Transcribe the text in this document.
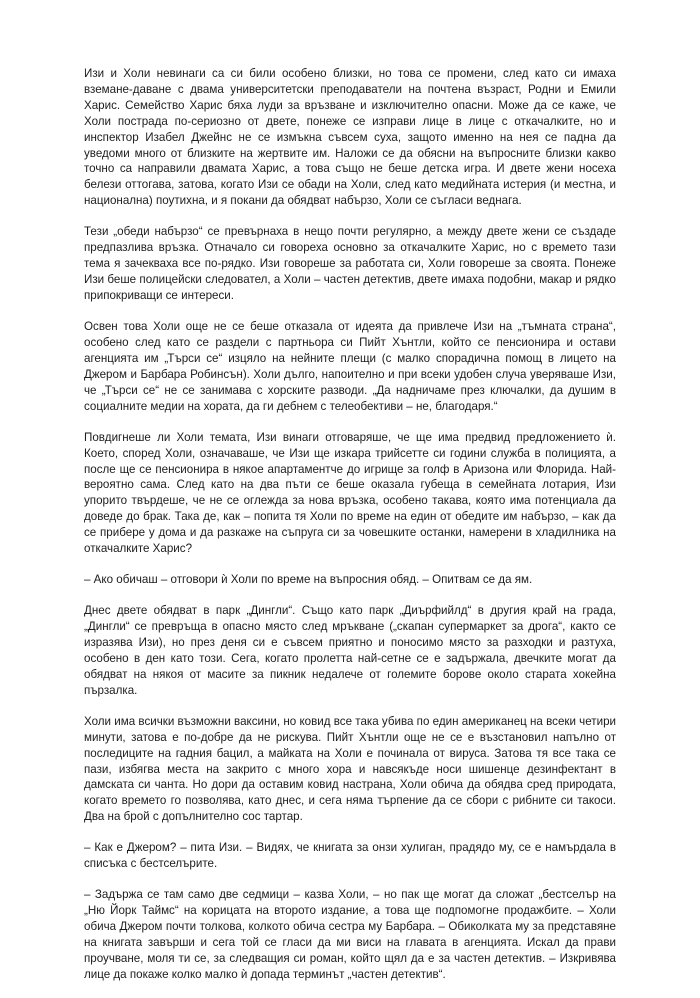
Изи и Холи невинаги са си били особено близки, но това се промени, след като си имаха вземане-даване с двама университетски преподаватели на почтена възраст, Родни и Емили Харис. Семейство Харис бяха луди за връзване и изключително опасни. Може да се каже, че Холи пострада по-сериозно от двете, понеже се изправи лице в лице с откачалките, но и инспектор Изабел Джейнс не се измъкна съвсем суха, защото именно на нея се падна да уведоми много от близките на жертвите им. Наложи се да обясни на въпросните близки какво точно са направили двамата Харис, а това също не беше детска игра. И двете жени носеха белези оттогава, затова, когато Изи се обади на Холи, след като медийната истерия (и местна, и национална) поутихна, и я покани да обядват набързо, Холи се съгласи веднага.

Тези „обеди набързо“ се превърнаха в нещо почти регулярно, а между двете жени се създаде предпазлива връзка. Отначало си говореха основно за откачалките Харис, но с времето тази тема я зачекваха все по-рядко. Изи говореше за работата си, Холи говореше за своята. Понеже Изи беше полицейски следовател, а Холи – частен детектив, двете имаха подобни, макар и рядко припокриващи се интереси.

Освен това Холи още не се беше отказала от идеята да привлече Изи на „тъмната страна“, особено след като се раздели с партньора си Пийт Хънтли, който се пенсионира и остави агенцията им „Търси се“ изцяло на нейните плещи (с малко спорадична помощ в лицето на Джером и Барбара Робинсън). Холи дълго, напоително и при всеки удобен случа уверяваше Изи, че „Търси се“ не се занимава с хорските разводи. „Да надничаме през ключалки, да душим в социалните медии на хората, да ги дебнем с телеобективи – не, благодаря.“

Повдигнеше ли Холи темата, Изи винаги отговаряше, че ще има предвид предложението ѝ. Което, според Холи, означаваше, че Изи ще изкара трийсетте си години служба в полицията, а после ще се пенсионира в някое апартаментче до игрище за голф в Аризона или Флорида. Най-вероятно сама. След като на два пъти се беше оказала губеща в семейната лотария, Изи упорито твърдеше, че не се оглежда за нова връзка, особено такава, която има потенциала да доведе до брак. Така де, как – попита тя Холи по време на един от обедите им набързо, – как да се прибере у дома и да разкаже на съпруга си за човешките останки, намерени в хладилника на откачалките Харис?

– Ако обичаш – отговори ѝ Холи по време на въпросния обяд. – Опитвам се да ям.

Днес двете обядват в парк „Дингли“. Също като парк „Диърфийлд“ в другия край на града, „Дингли“ се превръща в опасно място след мръкване („скапан супермаркет за дрога“, както се изразява Изи), но през деня си е съвсем приятно и поносимо място за разходки и разтуха, особено в ден като този. Сега, когато пролетта най-сетне се е задържала, двечките могат да обядват на някоя от масите за пикник недалече от големите борове около старата хокейна пързалка.

Холи има всички възможни ваксини, но ковид все така убива по един американец на всеки четири минути, затова е по-добре да не рискува. Пийт Хънтли още не се е възстановил напълно от последиците на гадния бацил, а майката на Холи е починала от вируса. Затова тя все така се пази, избягва места на закрито с много хора и навсякъде носи шишенце дезинфектант в дамската си чанта. Но дори да оставим ковид настрана, Холи обича да обядва сред природата, когато времето го позволява, като днес, и сега няма търпение да се сбори с рибните си такоси. Два на брой с допълнително сос тартар.

– Как е Джером? – пита Изи. – Видях, че книгата за онзи хулиган, прадядо му, се е намърдала в списъка с бестселърите.

– Задържа се там само две седмици – казва Холи, – но пак ще могат да сложат „бестселър на „Ню Йорк Таймс“ на корицата на второто издание, а това ще подпомогне продажбите. – Холи обича Джером почти толкова, колкото обича сестра му Барбара. – Обиколката му за представяне на книгата завърши и сега той се гласи да ми виси на главата в агенцията. Искал да прави проучване, моля ти се, за следващия си роман, който щял да е за частен детектив. – Изкривява лице да покаже колко малко ѝ допада терминът „частен детектив“.
